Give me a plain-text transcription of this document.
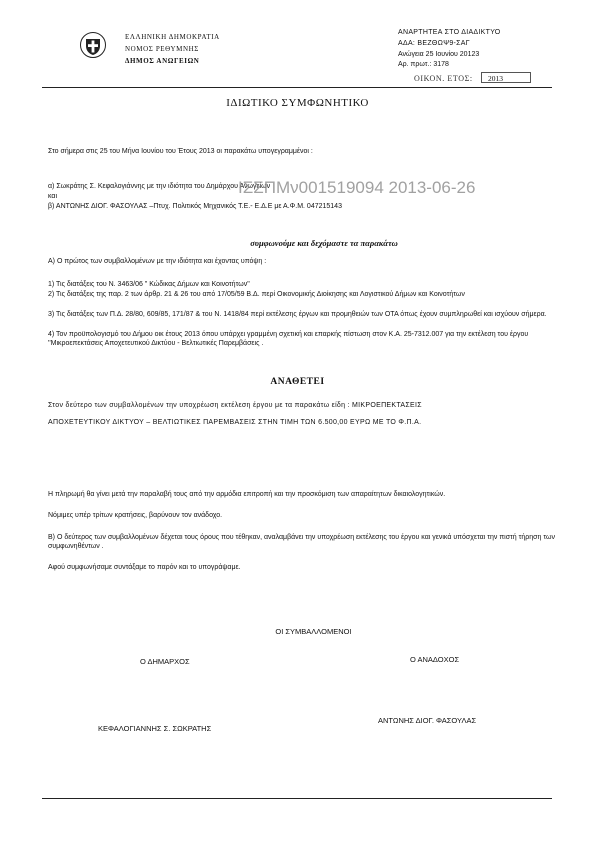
ΕΛΛΗΝΙΚΗ ΔΗΜΟΚΡΑΤΙΑ
ΝΟΜΟΣ ΡΕΘΥΜΝΗΣ
ΔΗΜΟΣ ΑΝΩΓΕΙΩΝ
ΑΝΑΡΤΗΤΕΑ ΣΤΟ ΔΙΑΔΙΚΤΥΟ
ΑΔΑ: ΒΕΖΘΩΨ9-ΣΑΓ
Ανώγεια 25 Ιουνίου 20123
Αρ. πρωτ.: 3178
ΟΙΚΟΝ. ΕΤΟΣ:	2013
ΙΔΙΩΤΙΚΟ ΣΥΜΦΩΝΗΤΙΚΟ
Στο σήμερα στις 25 του Μήνα Ιουνίου του Έτους 2013 οι παρακάτω υπογεγραμμένοι :
α) Σωκράτης Σ. Κεφαλογιάννης με την ιδιότητα του Δημάρχου Ανωγείων
και
β) ΑΝΤΩΝΗΣ ΔΙΟΓ. ΦΑΣΟΥΛΑΣ –Πτυχ. Πολιτικός Μηχανικός Τ.Ε.- Ε.Δ.Ε με Α.Φ.Μ. 047215143
ΙΣΣΠΜν001519094 2013-06-26
συμφωνούμε και δεχόμαστε τα παρακάτω
Α) Ο πρώτος των συμβαλλομένων με την ιδιότητα και έχοντας υπόψη :
1) Τις διατάξεις του Ν. 3463/06 " Κώδικας Δήμων και Κοινοτήτων"
2) Τις διατάξεις της παρ. 2 των άρθρ. 21 & 26 του από 17/05/59 Β.Δ. περί Οικονομικής Διοίκησης και Λογιστικού Δήμων και Κοινοτήτων
3) Τις διατάξεις των Π.Δ. 28/80, 609/85, 171/87 & του Ν. 1418/84 περί εκτέλεσης έργων και προμηθειών των ΟΤΑ όπως έχουν συμπληρωθεί και ισχύουν σήμερα.
4) Τον προϋπολογισμό του Δήμου οικ έτους 2013 όπου υπάρχει γραμμένη σχετική και επαρκής πίστωση στον Κ.Α. 25-7312.007 για την εκτέλεση του έργου ''Μικροεπεκτάσεις Αποχετευτικού Δικτύου - Βελτιωτικές Παρεμβάσεις .
ΑΝΑΘΕΤΕΙ
Στον δεύτερο των συμβαλλομένων την υποχρέωση εκτέλεση έργου με τα παρακάτω είδη : ΜΙΚΡΟΕΠΕΚΤΑΣΕΙΣ
ΑΠΟΧΕΤΕΥΤΙΚΟΥ ΔΙΚΤΥΟΥ – ΒΕΛΤΙΩΤΙΚΕΣ ΠΑΡΕΜΒΑΣΕΙΣ ΣΤΗΝ ΤΙΜΗ ΤΩΝ 6.500,00 ΕΥΡΩ ΜΕ ΤΟ Φ.Π.Α.
Η πληρωμή θα γίνει μετά την παραλαβή τους από την αρμόδια επιτροπή και την προσκόμιση των απαραίτητων δικαιολογητικών.
Νόμιμες υπέρ τρίτων κρατήσεις, βαρύνουν τον ανάδοχο.
Β) Ο δεύτερος των συμβαλλομένων δέχεται τους όρους που τέθηκαν, αναλαμβάνει την υποχρέωση εκτέλεσης του έργου και γενικά υπόσχεται την πιστή τήρηση των συμφωνηθέντων .
Αφού συμφωνήσαμε συντάξαμε το παρόν και το υπογράψαμε.
ΟΙ ΣΥΜΒΑΛΛΟΜΕΝΟΙ
Ο ΔΗΜΑΡΧΟΣ	Ο ΑΝΑΔΟΧΟΣ
ΚΕΦΑΛΟΓΙΑΝΝΗΣ Σ. ΣΩΚΡΑΤΗΣ
ΑΝΤΩΝΗΣ ΔΙΟΓ. ΦΑΣΟΥΛΑΣ
